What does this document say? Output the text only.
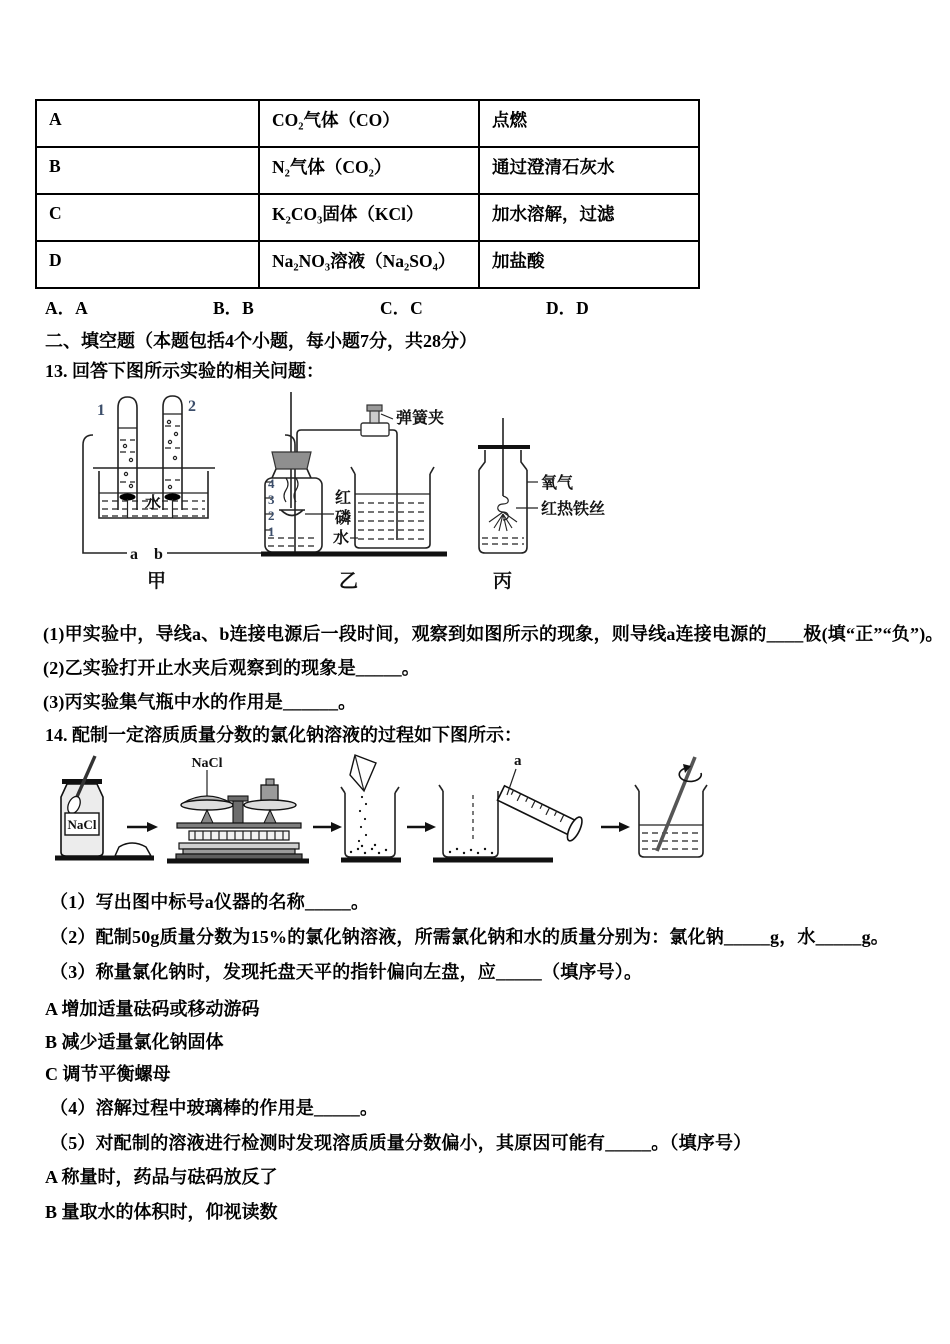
A	CO₂气体（CO）	点燃
B	N₂气体（CO₂）	通过澄清石灰水
C	K₂CO₃固体（KCl）	加水溶解，过滤
D	Na₂NO₃溶液（Na₂SO₄）	加盐酸
A．A	B．B	C．C	D．D
二、填空题（本题包括4个小题，每小题7分，共28分）
13. 回答下图所示实验的相关问题：
a b
1	2
水
甲
4
3
2
1
红
磷
水
弹簧夹
乙
氧气
红热铁丝
丙
(1)甲实验中，导线a、b连接电源后一段时间，观察到如图所示的现象，则导线a连接电源的____极(填“正”“负”)。
(2)乙实验打开止水夹后观察到的现象是_____。
(3)丙实验集气瓶中水的作用是______。
14. 配制一定溶质质量分数的氯化钠溶液的过程如下图所示：
NaCl
NaCl	a
（1）写出图中标号a仪器的名称_____。
（2）配制50g质量分数为15%的氯化钠溶液，所需氯化钠和水的质量分别为：氯化钠_____g，水_____g。
（3）称量氯化钠时，发现托盘天平的指针偏向左盘，应_____（填序号）。
A 增加适量砝码或移动游码
B 减少适量氯化钠固体
C 调节平衡螺母
（4）溶解过程中玻璃棒的作用是_____。
（5）对配制的溶液进行检测时发现溶质质量分数偏小，其原因可能有_____。（填序号）
A 称量时，药品与砝码放反了
B 量取水的体积时，仰视读数
